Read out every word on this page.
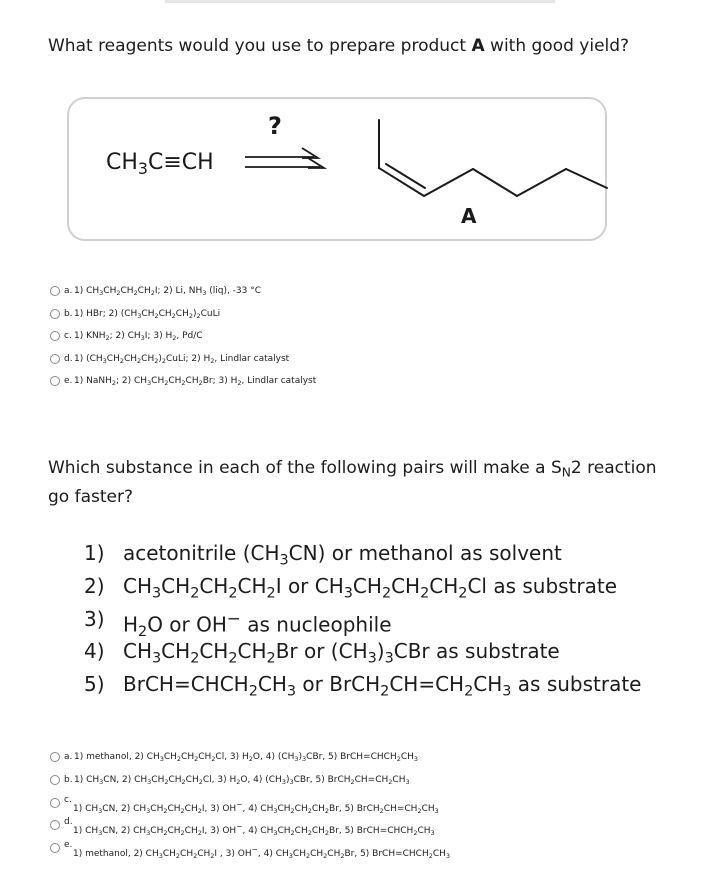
What reagents would you use to prepare product A with good yield?
$CH_3C\equiv CH$
?
A
a. 1) $CH_3CH_2CH_2CH_2I$; 2) Li, $NH_3$ (liq), -33 °C
b. 1) HBr; 2) $(CH_3CH_2CH_2CH_2)_2CuLi$
c. 1) $KNH_2$; 2) $CH_3I$; 3) $H_2$, Pd/C
d. 1) $(CH_3CH_2CH_2CH_2)_2CuLi$; 2) $H_2$, Lindlar catalyst
e. 1) NaNH$_2$; 2) $CH_3CH_2CH_2CH_2Br$; 3) $H_2$, Lindlar catalyst
Which substance in each of the following pairs will make a $S_N2$ reaction go faster?
1) acetonitrile $(CH_3CN)$ or methanol as solvent
2) $CH_3CH_2CH_2CH_2I$ or $CH_3CH_2CH_2CH_2Cl$ as substrate
3) $H_2O$ or OH− as nucleophile
4) $CH_3CH_2CH_2CH_2Br$ or $(CH_3)_3CBr$ as substrate
5) $BrCH=CHCH_2CH_3$ or $BrCH_2CH=CH_2CH_3$ as substrate
a. 1) methanol, 2) $CH_3CH_2CH_2CH_2Cl$, 3) $H_2O$, 4) $(CH_3)_3CBr$, 5) $BrCH=CHCH_2CH_3$
b. 1) $CH_3CN$, 2) $CH_3CH_2CH_2CH_2Cl$, 3) $H_2O$, 4) $(CH_3)_3CBr$, 5) $BrCH_2CH=CH_2CH_3$
c.
1) $CH_3CN$, 2) $CH_3CH_2CH_2CH_2I$, 3) OH−, 4) $CH_3CH_2CH_2CH_2Br$, 5) $BrCH_2CH=CH_2CH_3$
d.
1) $CH_3CN$, 2) $CH_3CH_2CH_2CH_2I$, 3) OH−, 4) $CH_3CH_2CH_2CH_2Br$, 5) $BrCH=CHCH_2CH_3$
e.
1) methanol, 2) $CH_3CH_2CH_2CH_2I$ , 3) OH−, 4) $CH_3CH_2CH_2CH_2Br$, 5) $BrCH=CHCH_2CH_3$
